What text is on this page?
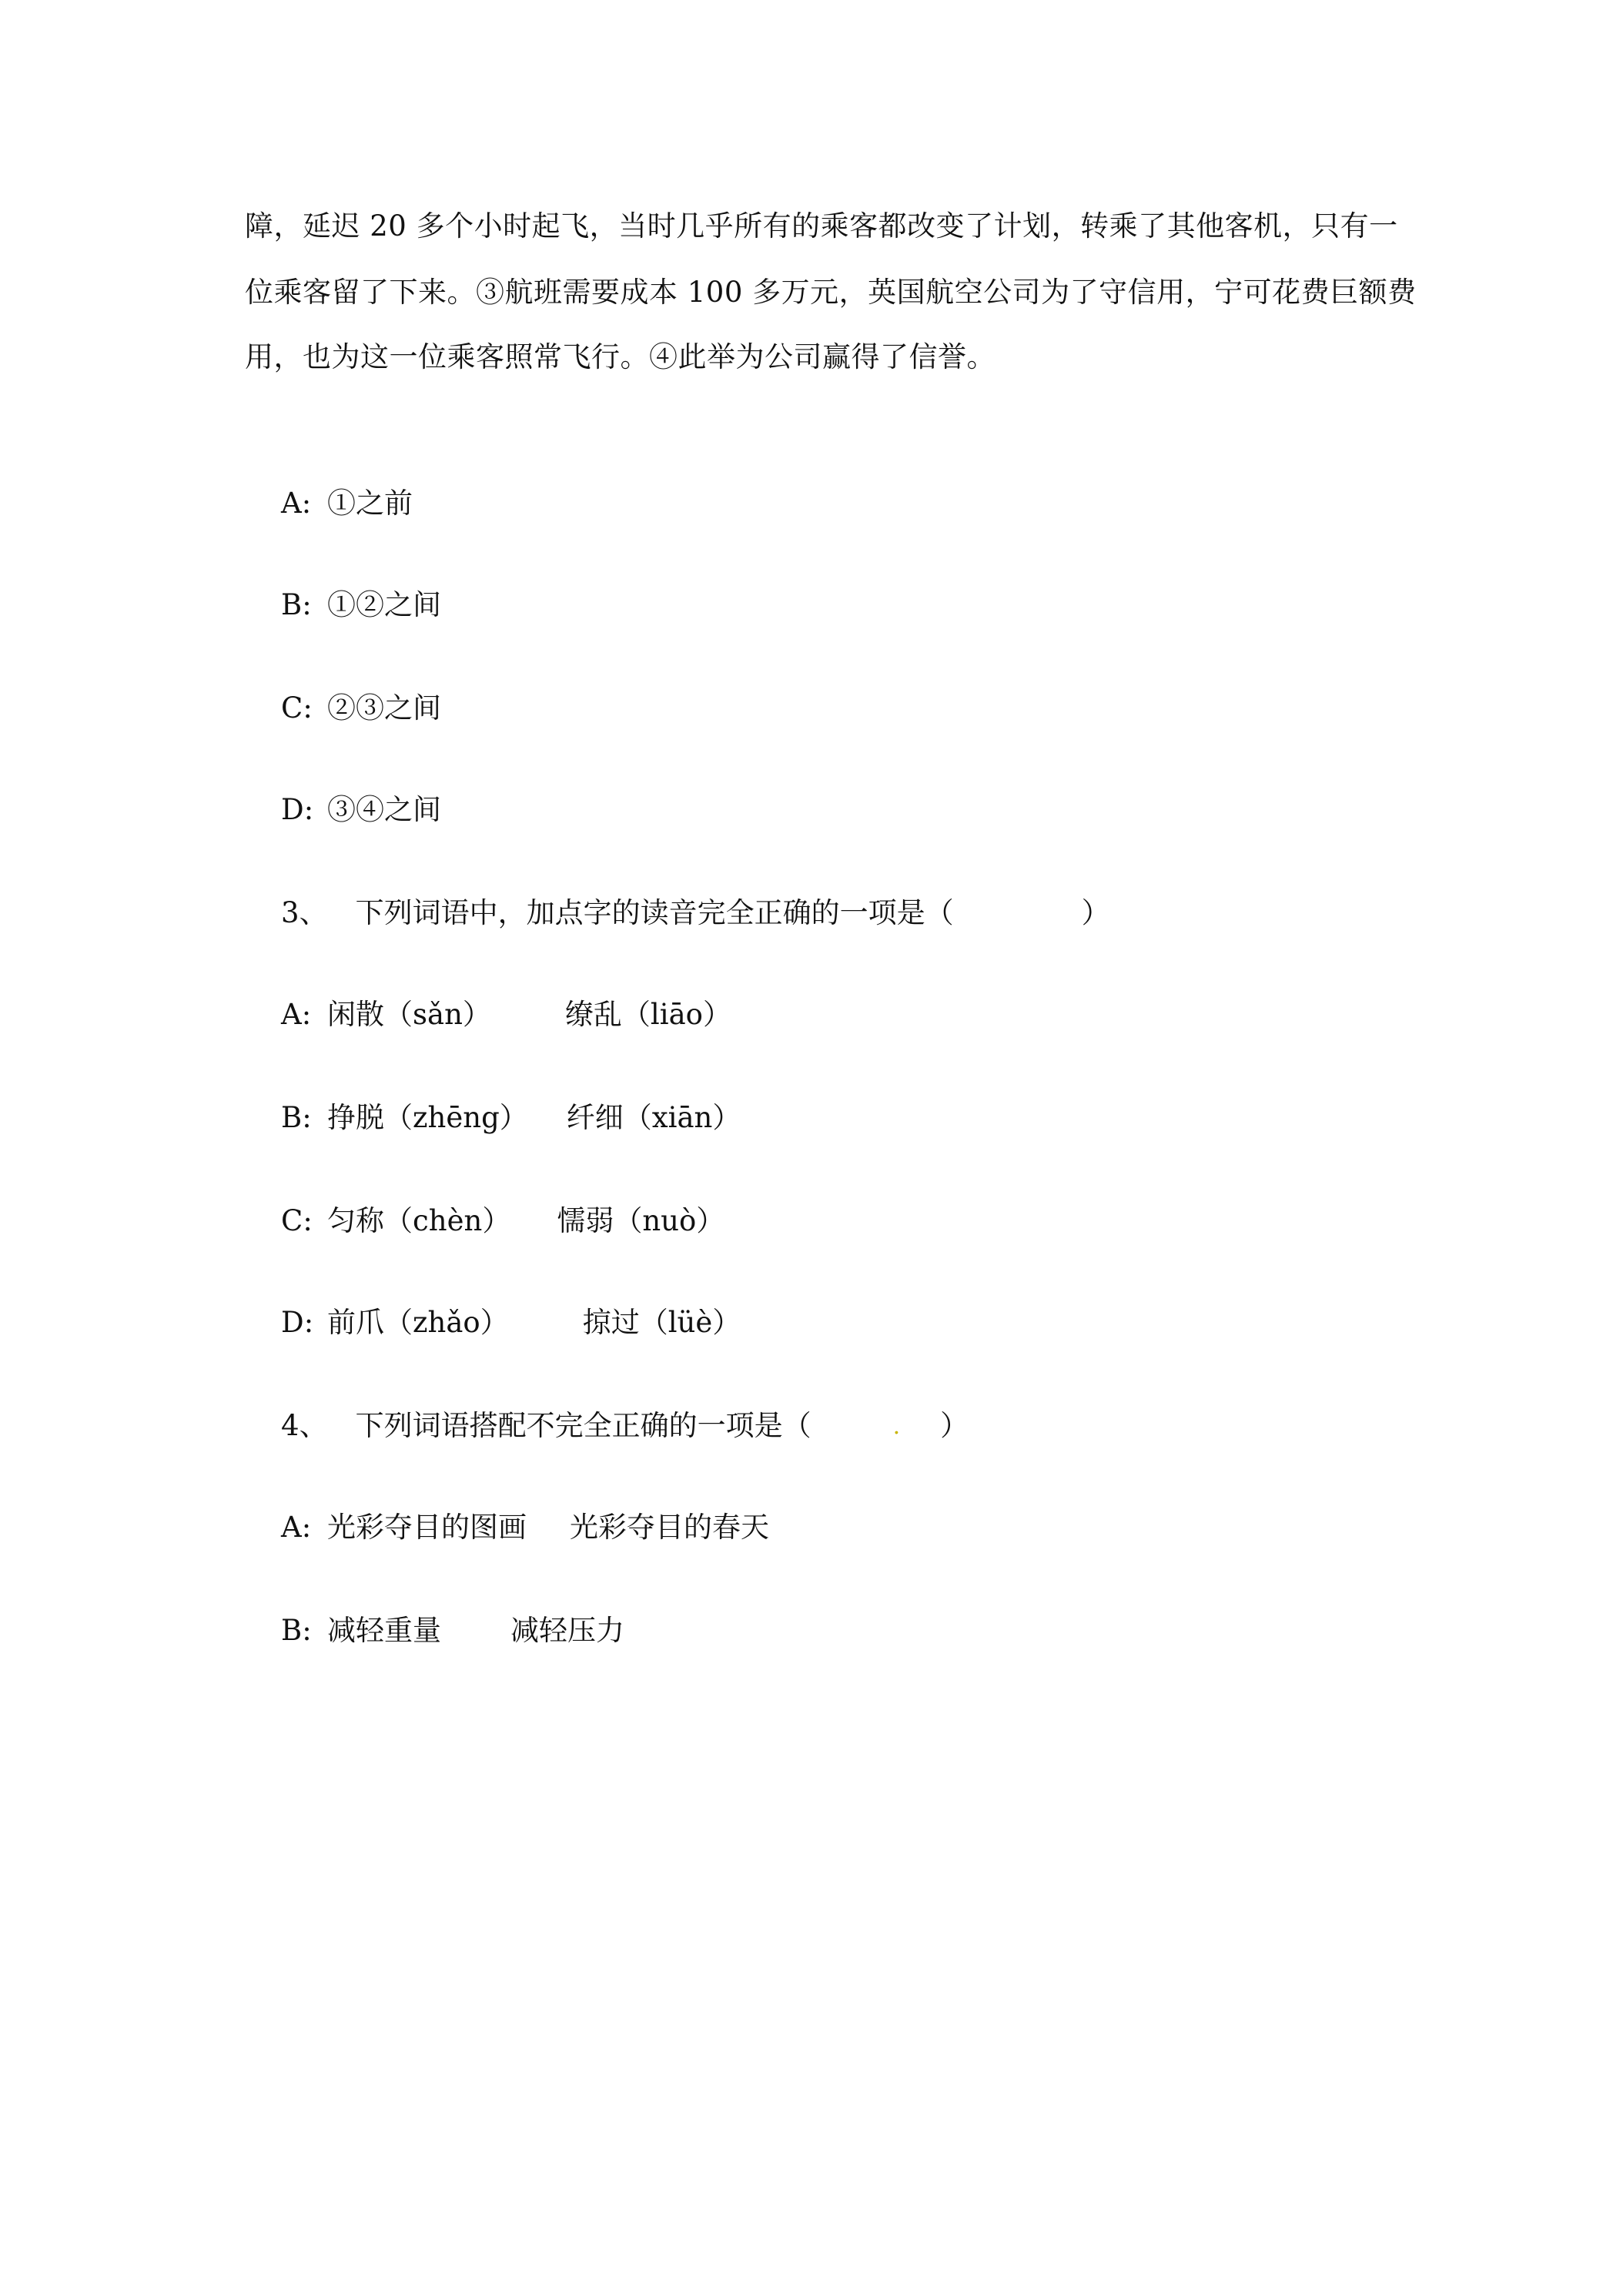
障，延迟 20 多个小时起飞，当时几乎所有的乘客都改变了计划，转乘了其他客机，只有一
位乘客留了下来。③航班需要成本 100 多万元，英国航空公司为了守信用，宁可花费巨额费
用，也为这一位乘客照常飞行。④此举为公司赢得了信誉。

A: ①之前

B: ①②之间

C: ②③之间

D: ③④之间

3、 下列词语中，加点字的读音完全正确的一项是（	）

A: 闲散（sǎn）	缭乱（liāo）

B: 挣脱（zhēng） 纤细（xiān）

C: 匀称（chèn） 懦弱（nuò）

D: 前爪（zhǎo）	掠过（lüè）

4、 下列词语搭配不完全正确的一项是（	. ）

A: 光彩夺目的图画 光彩夺目的春天

B: 减轻重量 减轻压力
